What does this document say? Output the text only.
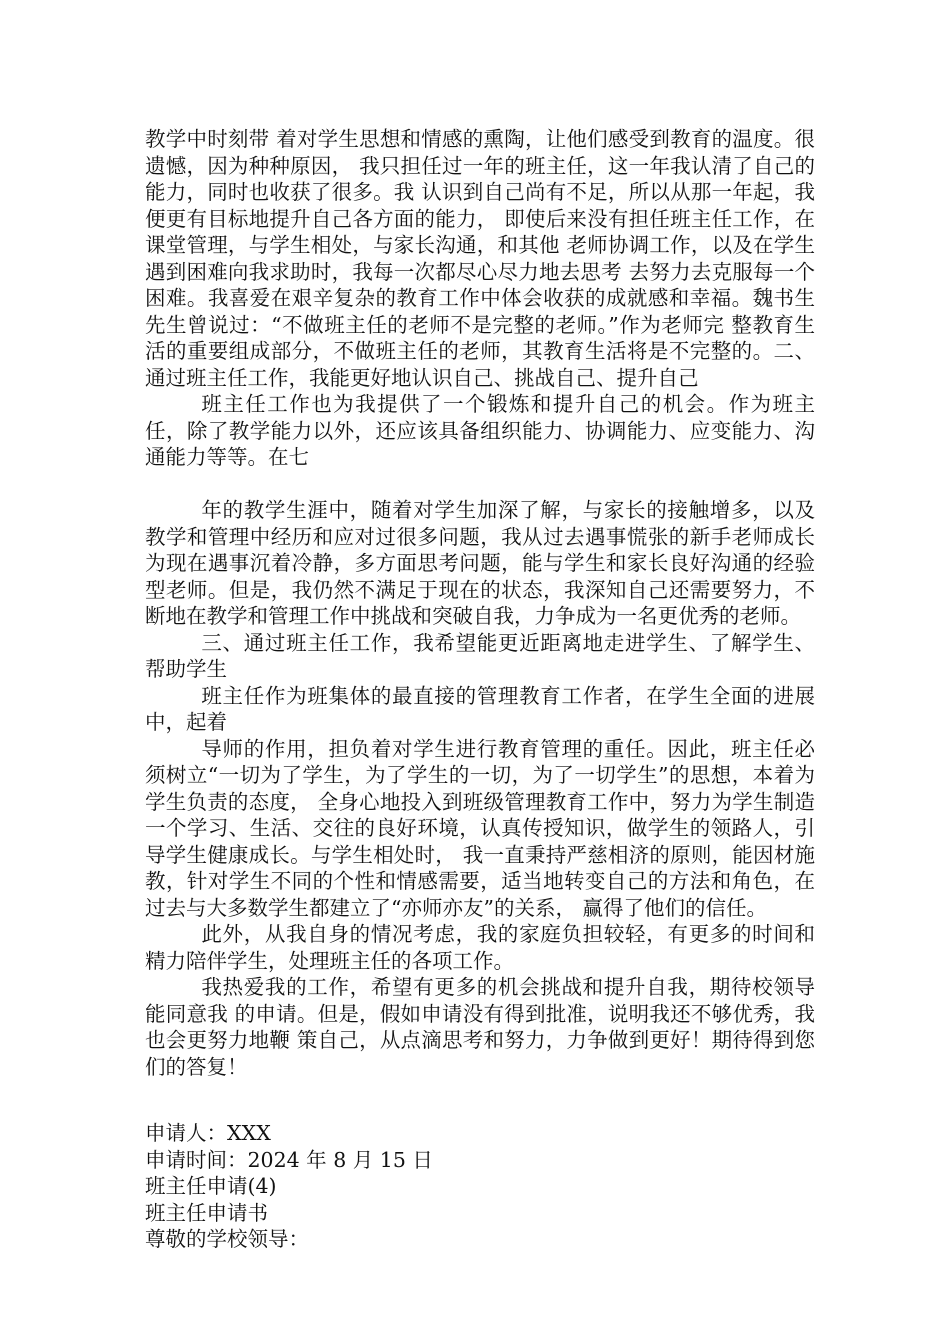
教学中时刻带 着对学生思想和情感的熏陶，让他们感受到教育的温度。很遗憾，因为种种原因， 我只担任过一年的班主任，这一年我认清了自己的能力，同时也收获了很多。我 认识到自己尚有不足，所以从那一年起，我便更有目标地提升自己各方面的能力， 即使后来没有担任班主任工作，在课堂管理，与学生相处，与家长沟通，和其他 老师协调工作，以及在学生遇到困难向我求助时，我每一次都尽心尽力地去思考 去努力去克服每一个困难。我喜爱在艰辛复杂的教育工作中体会收获的成就感和幸福。魏书生先生曾说过：“不做班主任的老师不是完整的老师。”作为老师完 整教育生活的重要组成部分，不做班主任的老师，其教育生活将是不完整的。二、通过班主任工作，我能更好地认识自己、挑战自己、提升自己

班主任工作也为我提供了一个锻炼和提升自己的机会。作为班主任，除了教学能力以外，还应该具备组织能力、协调能力、应变能力、沟通能力等等。在七

年的教学生涯中，随着对学生加深了解，与家长的接触增多，以及教学和管理中经历和应对过很多问题，我从过去遇事慌张的新手老师成长为现在遇事沉着冷静，多方面思考问题，能与学生和家长良好沟通的经验型老师。但是，我仍然不满足于现在的状态，我深知自己还需要努力，不断地在教学和管理工作中挑战和突破自我，力争成为一名更优秀的老师。

三、通过班主任工作，我希望能更近距离地走进学生、了解学生、帮助学生

班主任作为班集体的最直接的管理教育工作者，在学生全面的进展中，起着

导师的作用，担负着对学生进行教育管理的重任。因此，班主任必须树立“一切为了学生，为了学生的一切，为了一切学生”的思想，本着为学生负责的态度， 全身心地投入到班级管理教育工作中，努力为学生制造一个学习、生活、交往的良好环境，认真传授知识，做学生的领路人，引导学生健康成长。与学生相处时， 我一直秉持严慈相济的原则，能因材施教，针对学生不同的个性和情感需要，适当地转变自己的方法和角色，在过去与大多数学生都建立了“亦师亦友”的关系， 赢得了他们的信任。

此外，从我自身的情况考虑，我的家庭负担较轻，有更多的时间和精力陪伴学生，处理班主任的各项工作。

我热爱我的工作，希望有更多的机会挑战和提升自我，期待校领导能同意我 的申请。但是，假如申请没有得到批准，说明我还不够优秀，我也会更努力地鞭 策自己，从点滴思考和努力，力争做到更好！期待得到您们的答复！

申请人：XXX

申请时间：2024 年 8 月 15 日

班主任申请(4)

班主任申请书

尊敬的学校领导：
